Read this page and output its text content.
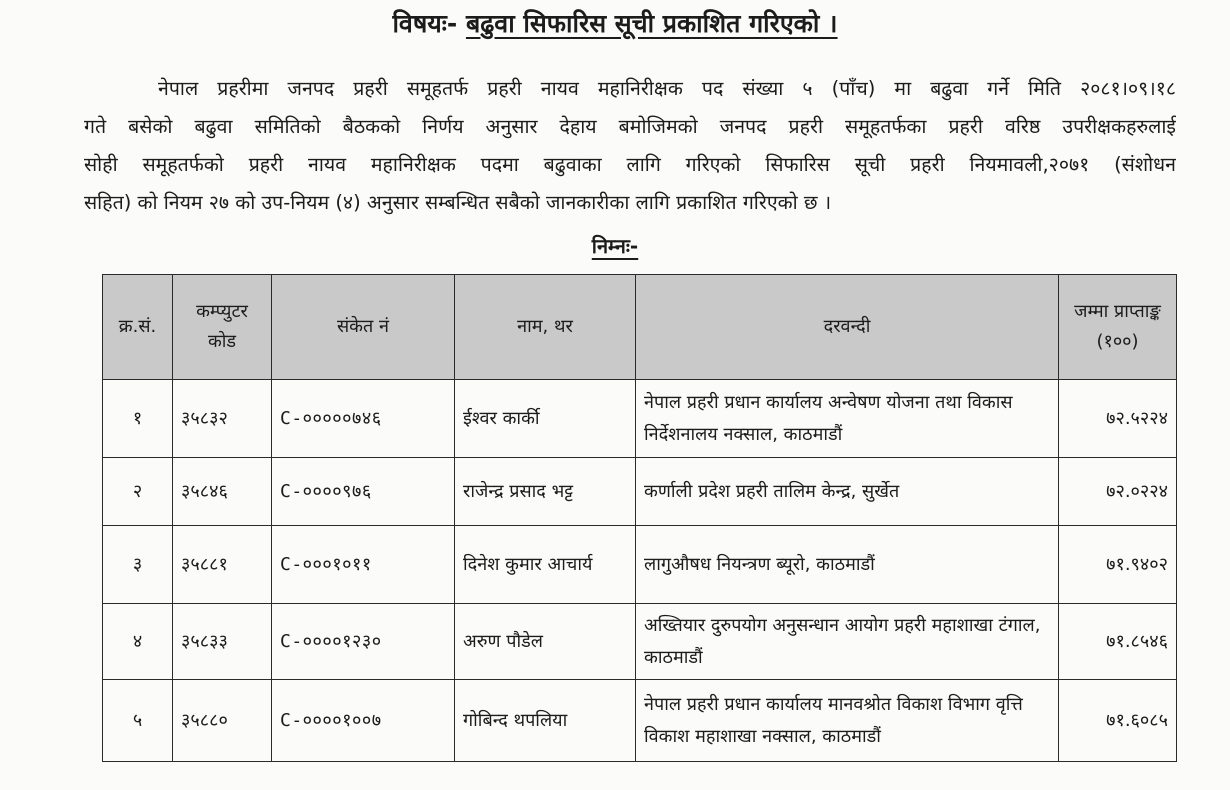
विषयः- बढुवा सिफारिस सूची प्रकाशित गरिएको ।
नेपाल प्रहरीमा जनपद प्रहरी समूहतर्फ प्रहरी नायव महानिरीक्षक पद संख्या ५ (पाँच) मा बढुवा गर्ने मिति २०८१।०९।१८
गते बसेको बढुवा समितिको बैठकको निर्णय अनुसार देहाय बमोजिमको जनपद प्रहरी समूहतर्फका प्रहरी वरिष्ठ उपरीक्षकहरुलाई
सोही समूहतर्फको प्रहरी नायव महानिरीक्षक पदमा बढुवाका लागि गरिएको सिफारिस सूची प्रहरी नियमावली,२०७१ (संशोधन
सहित) को नियम २७ को उप-नियम (४) अनुसार सम्बन्धित सबैको जानकारीका लागि प्रकाशित गरिएको छ ।
निम्नः-
क्र.सं.	कम्प्युटर कोड	संकेत नं	नाम, थर	दरवन्दी	जम्मा प्राप्ताङ्क (१००)
१	३५८३२	C-०००००७४६	ईश्वर कार्की	नेपाल प्रहरी प्रधान कार्यालय अन्वेषण योजना तथा विकास निर्देशनालय नक्साल, काठमाडौं	७२.५२२४
२	३५८४६	C-००००९७६	राजेन्द्र प्रसाद भट्ट	कर्णाली प्रदेश प्रहरी तालिम केन्द्र, सुर्खेत	७२.०२२४
३	३५८८१	C-०००१०११	दिनेश कुमार आचार्य	लागुऔषध नियन्त्रण ब्यूरो, काठमाडौं	७१.९४०२
४	३५८३३	C-००००१२३०	अरुण पौडेल	अख्तियार दुरुपयोग अनुसन्धान आयोग प्रहरी महाशाखा टंगाल, काठमाडौं	७१.८५४६
५	३५८८०	C-००००१००७	गोबिन्द थपलिया	नेपाल प्रहरी प्रधान कार्यालय मानवश्रोत विकाश विभाग वृत्ति विकाश महाशाखा नक्साल, काठमाडौं	७१.६०८५
